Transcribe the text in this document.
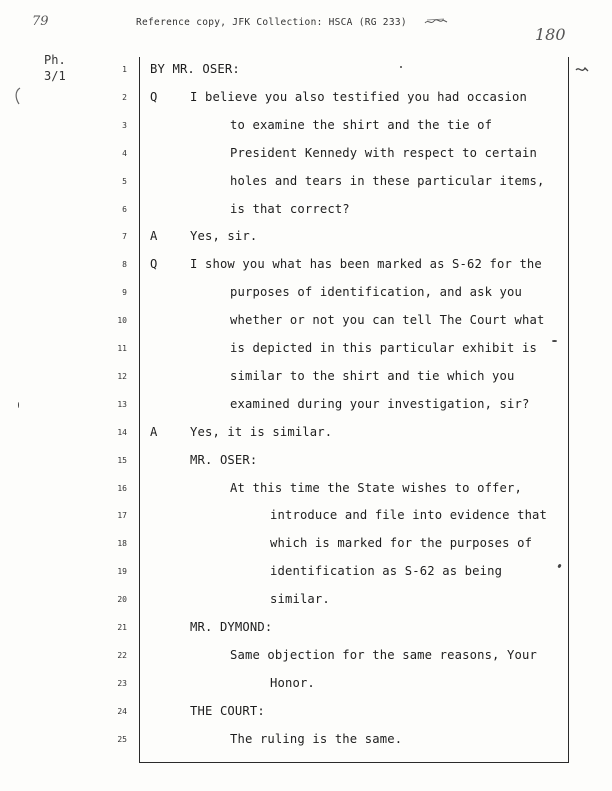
Reference copy, JFK Collection: HSCA (RG 233)
79
180
Ph.
3/1	1 BY MR. OSER:
2 Q	I believe you also testified you had occasion
3	to examine the shirt and the tie of
4	President Kennedy with respect to certain
5	holes and tears in these particular items,
6	is that correct?
7 A	Yes, sir.
8 Q	I show you what has been marked as S-62 for the
9	purposes of identification, and ask you
10	whether or not you can tell The Court what
11	is depicted in this particular exhibit is
12	similar to the shirt and tie which you
13	examined during your investigation, sir?
14 A	Yes, it is similar.
15	MR. OSER:
16	At this time the State wishes to offer,
17	introduce and file into evidence that
18	which is marked for the purposes of
19	identification as S-62 as being
20	similar.
21	MR. DYMOND:
22	Same objection for the same reasons, Your
23	Honor.
24	THE COURT:
25	The ruling is the same.
